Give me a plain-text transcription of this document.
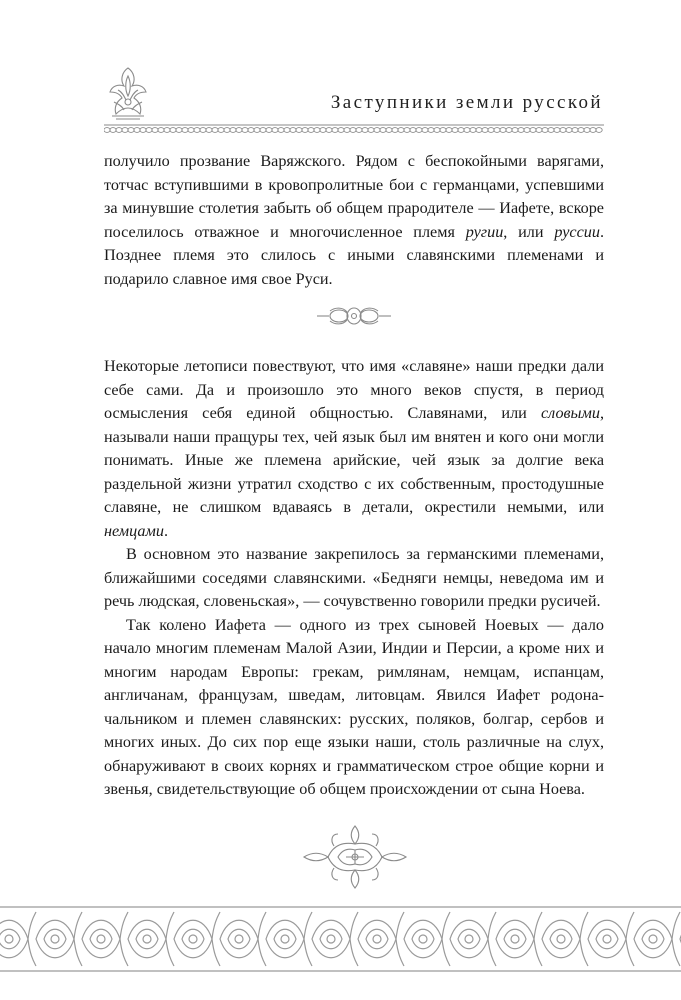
Заступники земли русской

получило прозвание Варяжского. Рядом с беспокойными варягами, тотчас вступившими в кровопролитные бои с германцами, успевшими за минувшие столетия забыть об общем прародителе — Иафете, вскоре поселилось отважное и многочисленное племя ругии, или руссии. Позднее племя это слилось с иными славянскими племенами и подарило славное имя свое Руси.

Некоторые летописи повествуют, что имя «славяне» наши предки дали себе сами. Да и произошло это много веков спустя, в период осмысления себя единой общностью. Славянами, или словыми, называли наши пращуры тех, чей язык был им внятен и кого они могли понимать. Иные же племена арийские, чей язык за долгие века раздельной жизни утратил сходство с их собственным, простодушные славяне, не слишком вдаваясь в детали, окрестили немыми, или немцами.

В основном это название закрепилось за германскими племенами, ближайшими соседями славянскими. «Бедняги немцы, неведома им и речь людская, словеньская», — сочувственно говорили предки русичей.

Так колено Иафета — одного из трех сыновей Ноевых — дало начало многим племенам Малой Азии, Индии и Персии, а кроме них и многим народам Европы: грекам, римлянам, немцам, испанцам, англичанам, французам, шведам, литовцам. Явился Иафет родоначальником и племен славянских: русских, поляков, болгар, сербов и многих иных. До сих пор еще языки наши, столь различные на слух, обнаруживают в своих корнях и грамматическом строе общие корни и звенья, свидетельствующие об общем происхождении от сына Ноева.
